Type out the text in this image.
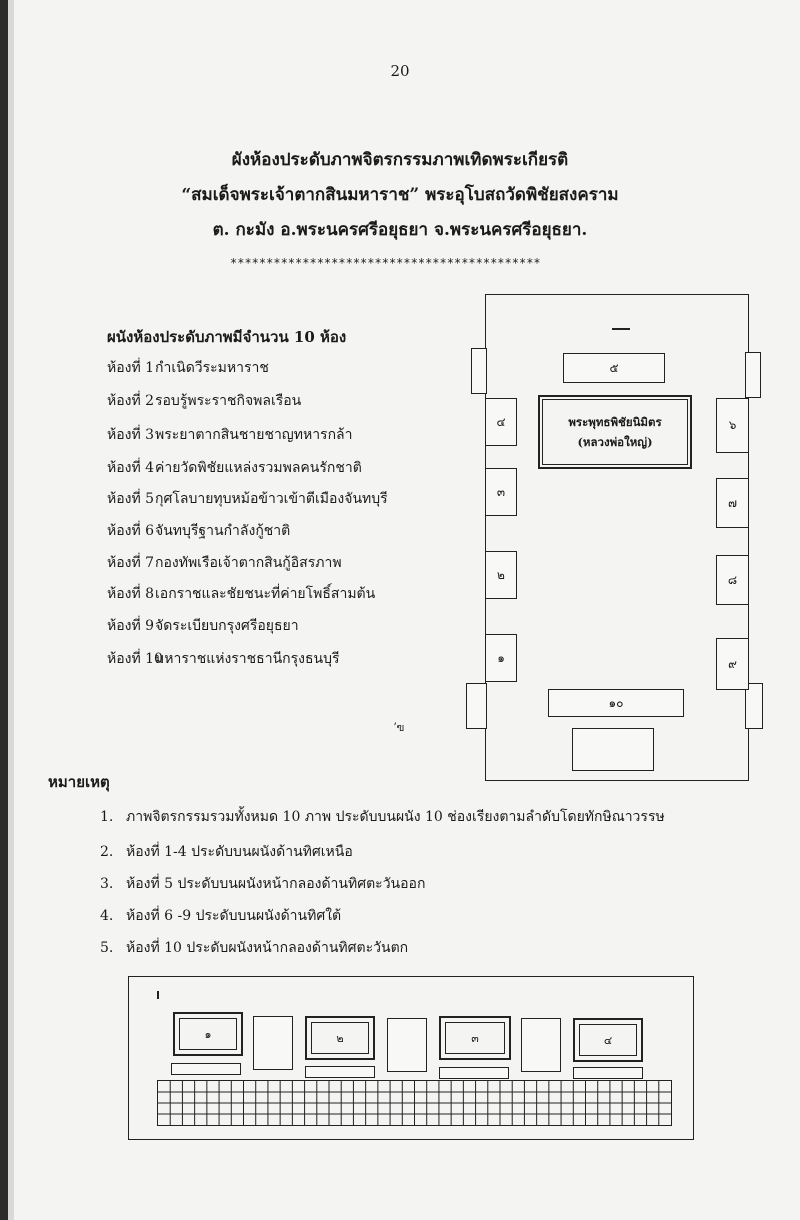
20
ผังห้องประดับภาพจิตรกรรมภาพเทิดพระเกียรติ
“สมเด็จพระเจ้าตากสินมหาราช” พระอุโบสถวัดพิชัยสงคราม
ต. กะมัง อ.พระนครศรีอยุธยา จ.พระนครศรีอยุธยา.
*******************************************
ผนังห้องประดับภาพมีจำนวน 10 ห้อง
ห้องที่ 1กำเนิดวีระมหาราช
ห้องที่ 2รอบรู้พระราชกิจพลเรือน
ห้องที่ 3พระยาตากสินชายชาญทหารกล้า
ห้องที่ 4ค่ายวัดพิชัยแหล่งรวมพลคนรักชาติ
ห้องที่ 5กุศโลบายทุบหม้อข้าวเข้าตีเมืองจันทบุรี
ห้องที่ 6จันทบุรีฐานกำลังกู้ชาติ
ห้องที่ 7กองทัพเรือเจ้าตากสินกู้อิสรภาพ
ห้องที่ 8เอกราชและชัยชนะที่ค่ายโพธิ์สามต้น
ห้องที่ 9จัดระเบียบกรุงศรีอยุธยา
ห้องที่ 10มหาราชแห่งราชธานีกรุงธนบุรี
๕
พระพุทธพิชัยนิมิตร
(หลวงพ่อใหญ่)
๔
๓
๒
๑
๖
๗
๘
๙
๑๐
ʼฃ
หมายเหตุ
1. ภาพจิตรกรรมรวมทั้งหมด 10 ภาพ ประดับบนผนัง 10 ช่องเรียงตามลำดับโดยทักษิณาวรรษ
2. ห้องที่ 1-4 ประดับบนผนังด้านทิศเหนือ
3. ห้องที่ 5 ประดับบนผนังหน้ากลองด้านทิศตะวันออก
4. ห้องที่ 6 -9 ประดับบนผนังด้านทิศใต้
5. ห้องที่ 10 ประดับผนังหน้ากลองด้านทิศตะวันตก
๑	๒	๓	๔
